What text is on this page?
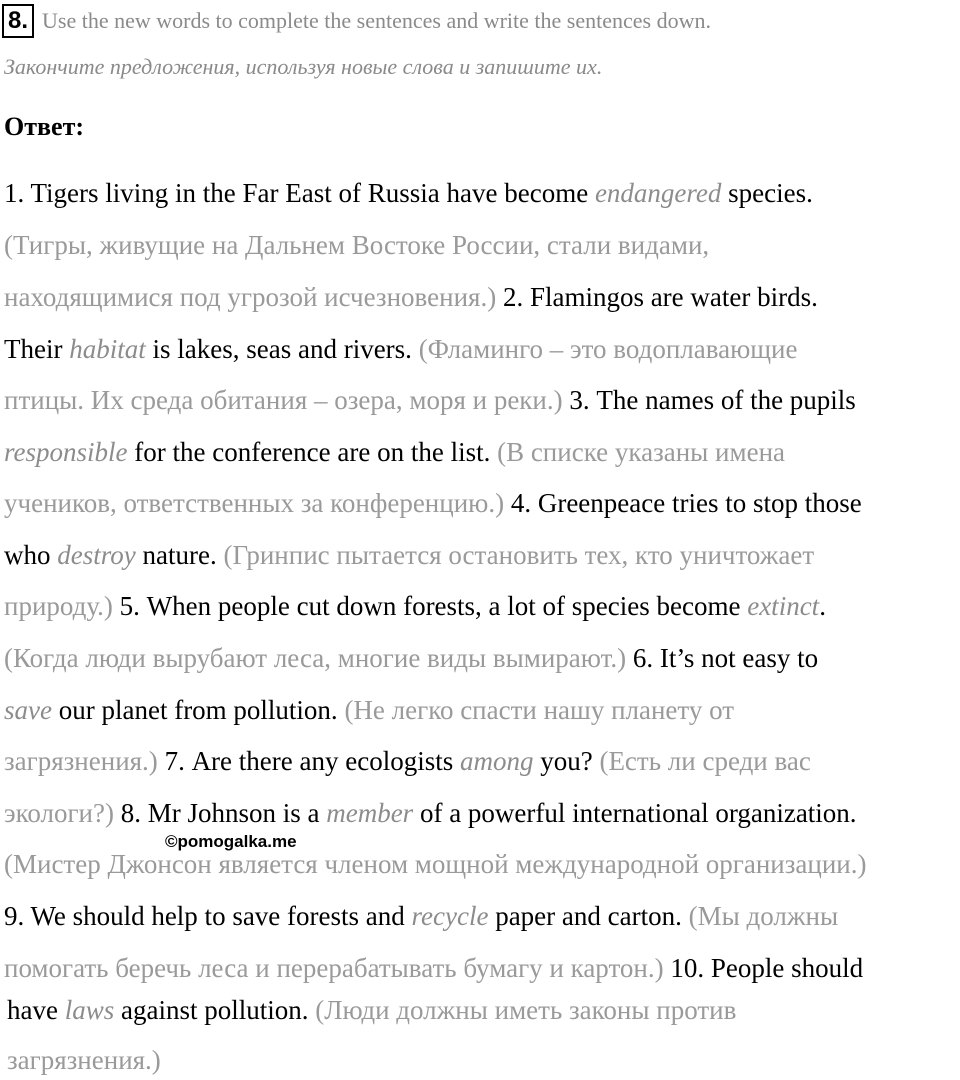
8. Use the new words to complete the sentences and write the sentences down.
Закончите предложения, используя новые слова и запишите их.
Ответ:
1. Tigers living in the Far East of Russia have become endangered species.
(Тигры, живущие на Дальнем Востоке России, стали видами,
находящимися под угрозой исчезновения.) 2. Flamingos are water birds.
Their habitat is lakes, seas and rivers. (Фламинго – это водоплавающие
птицы. Их среда обитания – озера, моря и реки.) 3. The names of the pupils
responsible for the conference are on the list. (В списке указаны имена
учеников, ответственных за конференцию.) 4. Greenpeace tries to stop those
who destroy nature. (Гринпис пытается остановить тех, кто уничтожает
природу.) 5. When people cut down forests, a lot of species become extinct.
(Когда люди вырубают леса, многие виды вымирают.) 6. It’s not easy to
save our planet from pollution. (Не легко спасти нашу планету от
загрязнения.) 7. Are there any ecologists among you? (Есть ли среди вас
экологи?) 8. Mr Johnson is a member of a powerful international organization.
(Мистер Джонсон является членом мощной международной организации.)
9. We should help to save forests and recycle paper and carton. (Мы должны
помогать беречь леса и перерабатывать бумагу и картон.) 10. People should
have laws against pollution. (Люди должны иметь законы против
загрязнения.)
©pomogalka.me
